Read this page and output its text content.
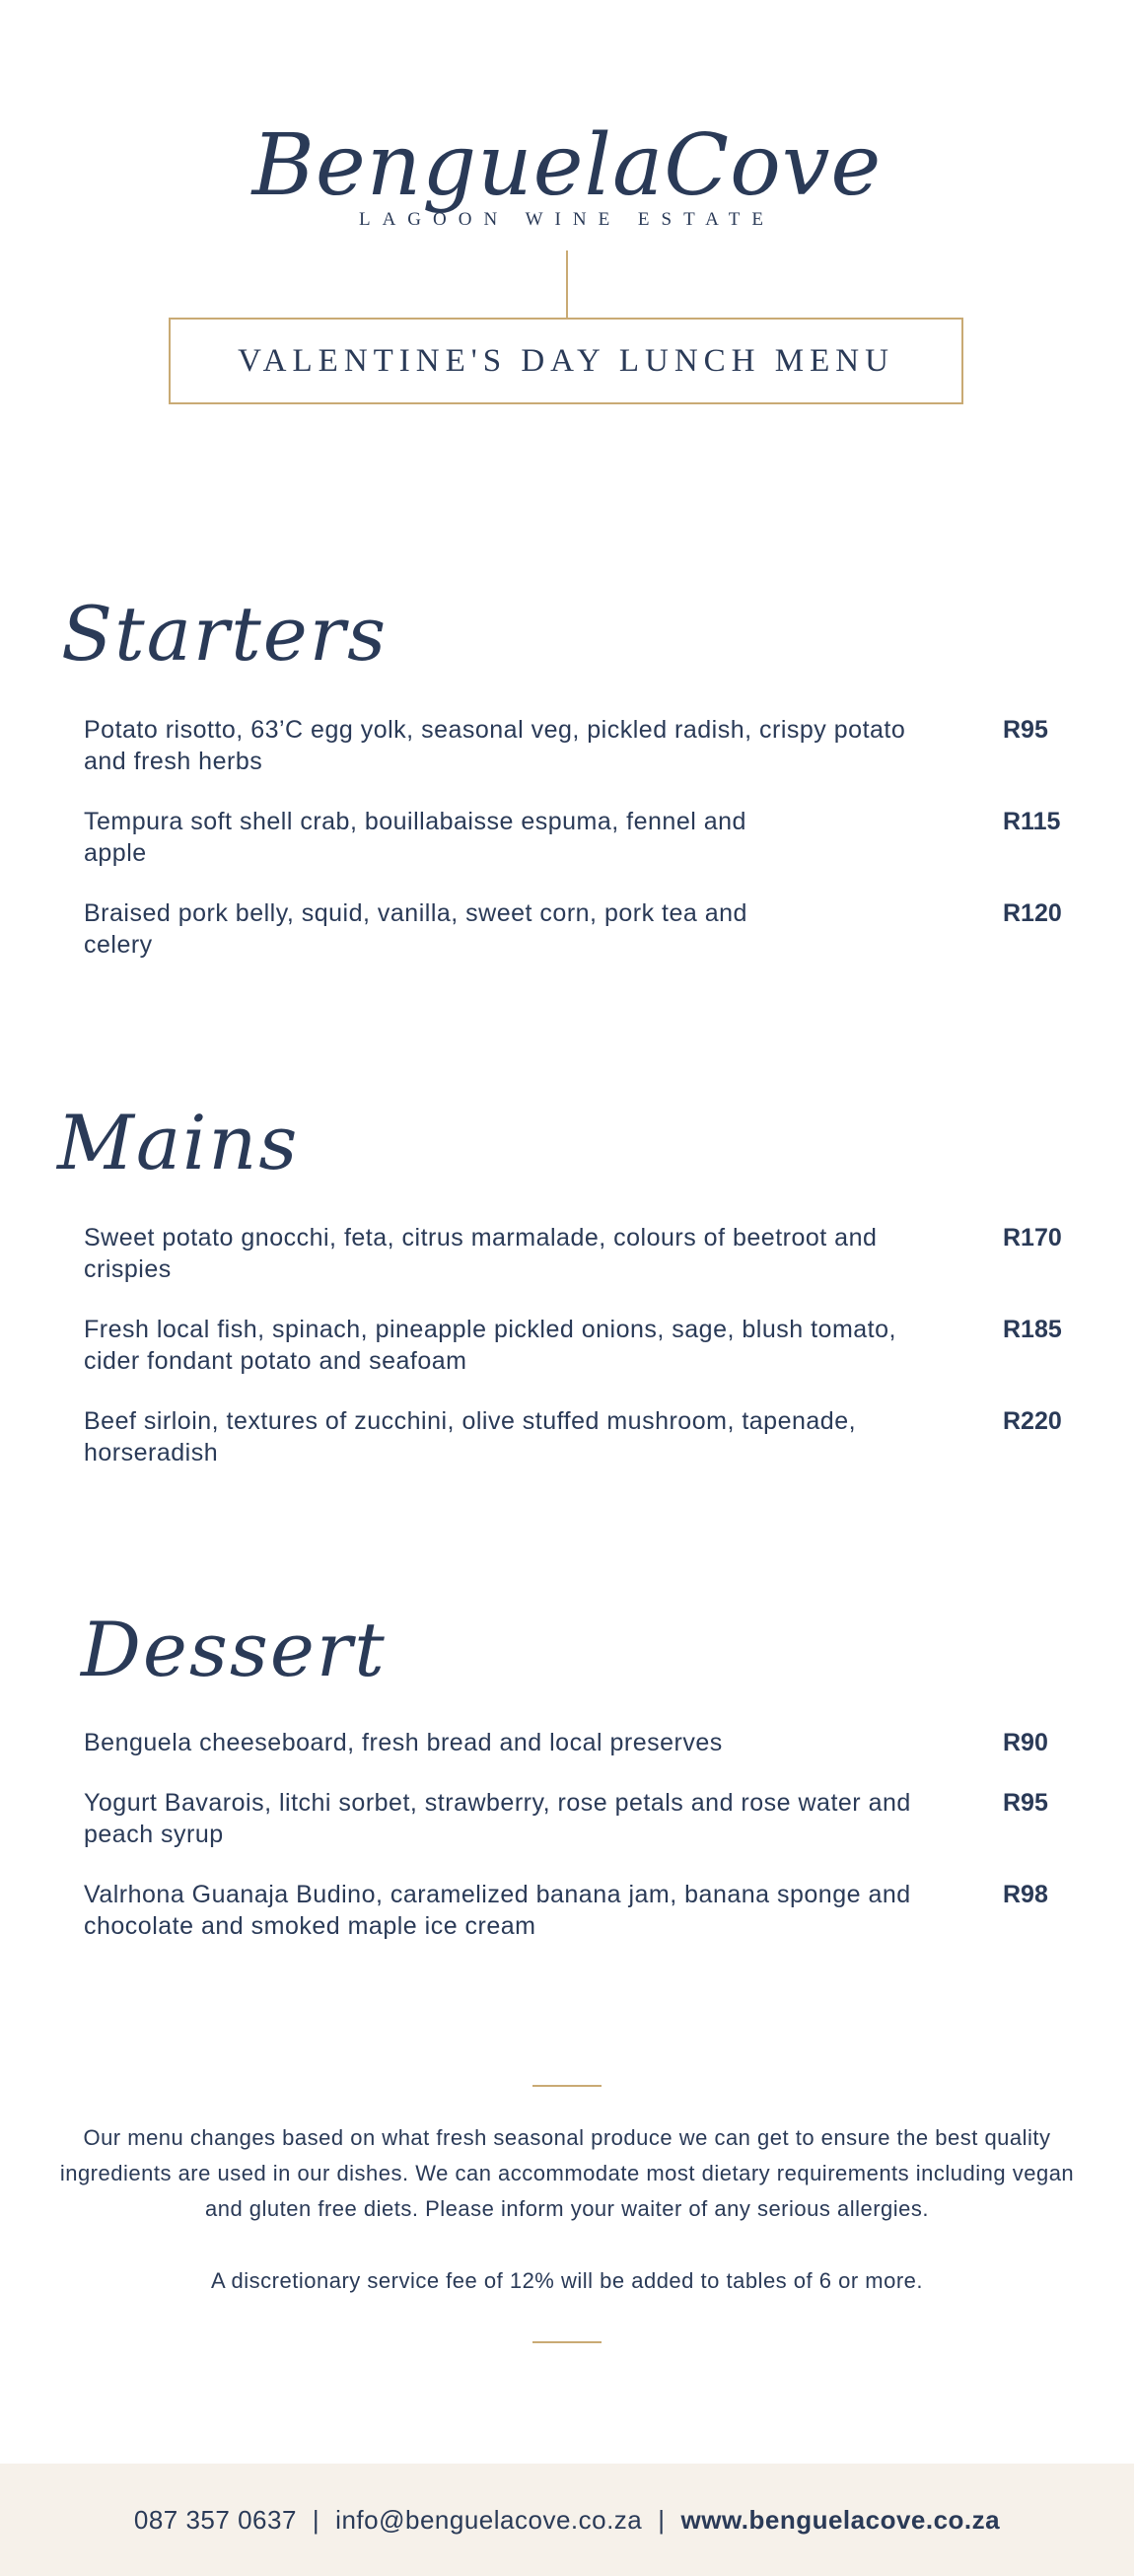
BenguelaCove
LAGOON WINE ESTATE
VALENTINE'S DAY LUNCH MENU
Starters
Potato risotto, 63’C egg yolk, seasonal veg, pickled radish, crispy potato and fresh herbs
R95
Tempura soft shell crab, bouillabaisse espuma, fennel and apple
R115
Braised pork belly, squid, vanilla, sweet corn, pork tea and celery
R120
Mains
Sweet potato gnocchi, feta, citrus marmalade, colours of beetroot and crispies
R170
Fresh local fish, spinach, pineapple pickled onions, sage, blush tomato, cider fondant potato and seafoam
R185
Beef sirloin, textures of zucchini, olive stuffed mushroom, tapenade, horseradish
R220
Dessert
Benguela cheeseboard, fresh bread and local preserves	R90
Yogurt Bavarois, litchi sorbet, strawberry, rose petals and rose water and peach syrup
R95
Valrhona Guanaja Budino, caramelized banana jam, banana sponge and chocolate and smoked maple ice cream
R98
Our menu changes based on what fresh seasonal produce we can get to ensure the best quality ingredients are used in our dishes. We can accommodate most dietary requirements including vegan and gluten free diets. Please inform your waiter of any serious allergies.
A discretionary service fee of 12% will be added to tables of 6 or more.
087 357 0637 | info@benguelacove.co.za | www.benguelacove.co.za
